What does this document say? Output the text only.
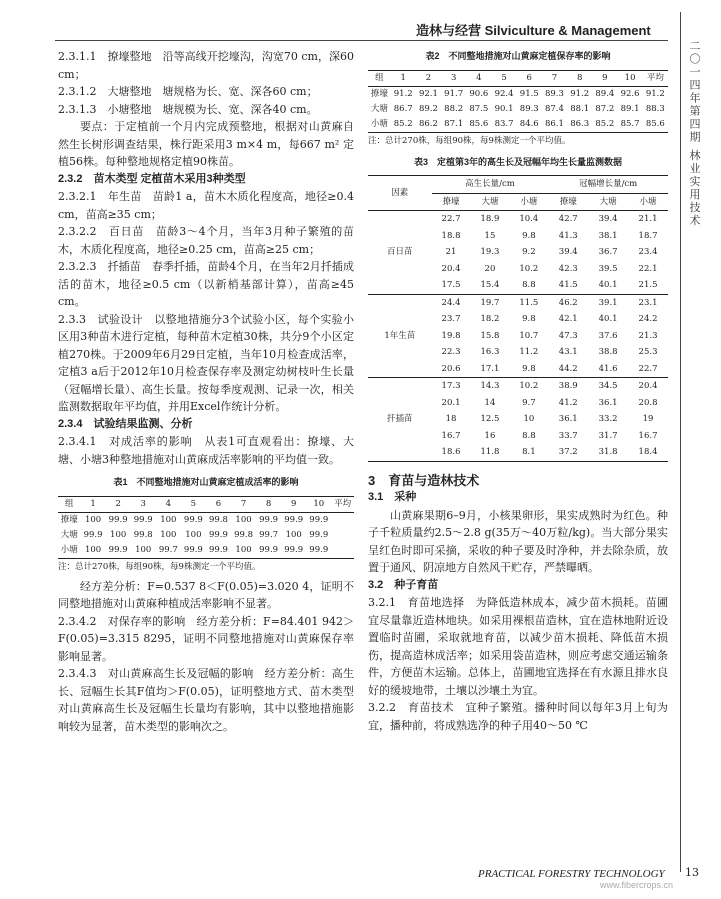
造林与经营 Silviculture & Management
二〇一四年第四期 林业实用技术

2.3.1.1　撩壕整地　沿等高线开挖壕沟，沟宽70 cm，深60 cm；

2.3.1.2　大塘整地　塘规格为长、宽、深各60 cm；

2.3.1.3　小塘整地　塘规模为长、宽、深各40 cm。

要点：于定植前一个月内完成预整地，根据对山黄麻自然生长树形调查结果，株行距采用3 m×4 m，每667 m² 定植56株。每种整地规格定植90株苗。

2.3.2　苗木类型 定植苗木采用3种类型

2.3.2.1　年生苗　苗龄1 a，苗木木质化程度高，地径≥0.4 cm，苗高≥35 cm；

2.3.2.2　百日苗　苗龄3～4个月，当年3月种子繁殖的苗木，木质化程度高，地径≥0.25 cm，苗高≥25 cm；

2.3.2.3　扦插苗　春季扦插，苗龄4个月，在当年2月扦插成活的苗木，地径≥0.5 cm（以新梢基部计算），苗高≥45 cm。

2.3.3　试验设计　以整地措施分3个试验小区，每个实验小区用3种苗木进行定植，每种苗木定植30株，共分9个小区定植270株。于2009年6月29日定植，当年10月检查成活率，定植3 a后于2012年10月检查保存率及测定幼树枝叶生长量（冠幅增长量）、高生长量。按每季度观测、记录一次，相关监测数据取年平均值，并用Excel作统计分析。

2.3.4　试验结果监测、分析

2.3.4.1　对成活率的影响　从表1可直观看出：撩壕、大塘、小塘3种整地措施对山黄麻成活率影响的平均值一致。

表1　不同整地措施对山黄麻定植成活率的影响
组	1	2	3	4	5	6	7	8	9	10	平均
撩壕	100	99.9	99.9	100	99.9	99.8	100	99.9	99.9	99.9	
大塘	99.9	100	99.8	100	100	99.9	99.8	99.7	100	99.9	
小塘	100	99.9	100	99.7	99.9	99.9	100	99.9	99.9	99.9	
注：总计270株，每组90株，每9株测定一个平均值。

经方差分析：F=0.537 8＜F(0.05)=3.020 4，证明不同整地措施对山黄麻种植成活率影响不显著。

2.3.4.2　对保存率的影响　经方差分析：F=84.401 942＞F(0.05)=3.315 8295，证明不同整地措施对山黄麻保存率影响显著。

2.3.4.3　对山黄麻高生长及冠幅的影响　经方差分析：高生长、冠幅生长其F值均＞F(0.05)，证明整地方式、苗木类型对山黄麻高生长及冠幅生长量均有影响，其中以整地措施影响较为显著，苗木类型的影响次之。

表2　不同整地措施对山黄麻定植保存率的影响
组	1	2	3	4	5	6	7	8	9	10	平均
撩壕	91.2	92.1	91.7	90.6	92.4	91.5	89.3	91.2	89.4	92.6	91.2
大塘	86.7	89.2	88.2	87.5	90.1	89.3	87.4	88.1	87.2	89.1	88.3
小塘	85.2	86.2	87.1	85.6	83.7	84.6	86.1	86.3	85.2	85.7	85.6
注：总计270株，每组90株，每9株测定一个平均值。
表3　定植第3年的高生长及冠幅年均生长量监测数据
因素	高生长量/cm			冠幅增长量/cm		
	撩壕	大塘	小塘	撩壕	大塘	小塘
百日苗	22.7	18.9	10.4	42.7	39.4	21.1
	18.8	15	9.8	41.3	38.1	18.7
	21	19.3	9.2	39.4	36.7	23.4
	20.4	20	10.2	42.3	39.5	22.1
	17.5	15.4	8.8	41.5	40.1	21.5
1年生苗	24.4	19.7	11.5	46.2	39.1	23.1
	23.7	18.2	9.8	42.1	40.1	24.2
	19.8	15.8	10.7	47.3	37.6	21.3
	22.3	16.3	11.2	43.1	38.8	25.3
	20.6	17.1	9.8	44.2	41.6	22.7
扦插苗	17.3	14.3	10.2	38.9	34.5	20.4
	20.1	14	9.7	41.2	36.1	20.8
	18	12.5	10	36.1	33.2	19
	16.7	16	8.8	33.7	31.7	16.7
	18.6	11.8	8.1	37.2	31.8	18.4

3　育苗与造林技术

3.1　采种

山黄麻果期6–9月，小核果卵形，果实成熟时为红色。种子千粒质量约2.5～2.8 g(35万～40万粒/kg)。当大部分果实呈红色时即可采摘，采收的种子要及时净种，并去除杂质，放置于通风、阴凉地方自然风干贮存，严禁曝晒。

3.2　种子育苗

3.2.1　育苗地选择　为降低造林成本，减少苗木损耗。苗圃宜尽量靠近造林地块。如采用裸根苗造林，宜在造林地附近设置临时苗圃，采取就地育苗，以减少苗木损耗、降低苗木损伤，提高造林成活率；如采用袋苗造林，则应考虑交通运输条件，方便苗木运输。总体上，苗圃地宜选择在有水源且排水良好的缓坡地带，土壤以沙壤土为宜。

3.2.2　育苗技术　宜种子繁殖。播种时间以每年3月上旬为宜，播种前，将成熟选净的种子用40～50 ℃

PRACTICAL FORESTRY TECHNOLOGY 13
www.fibercrops.cn
